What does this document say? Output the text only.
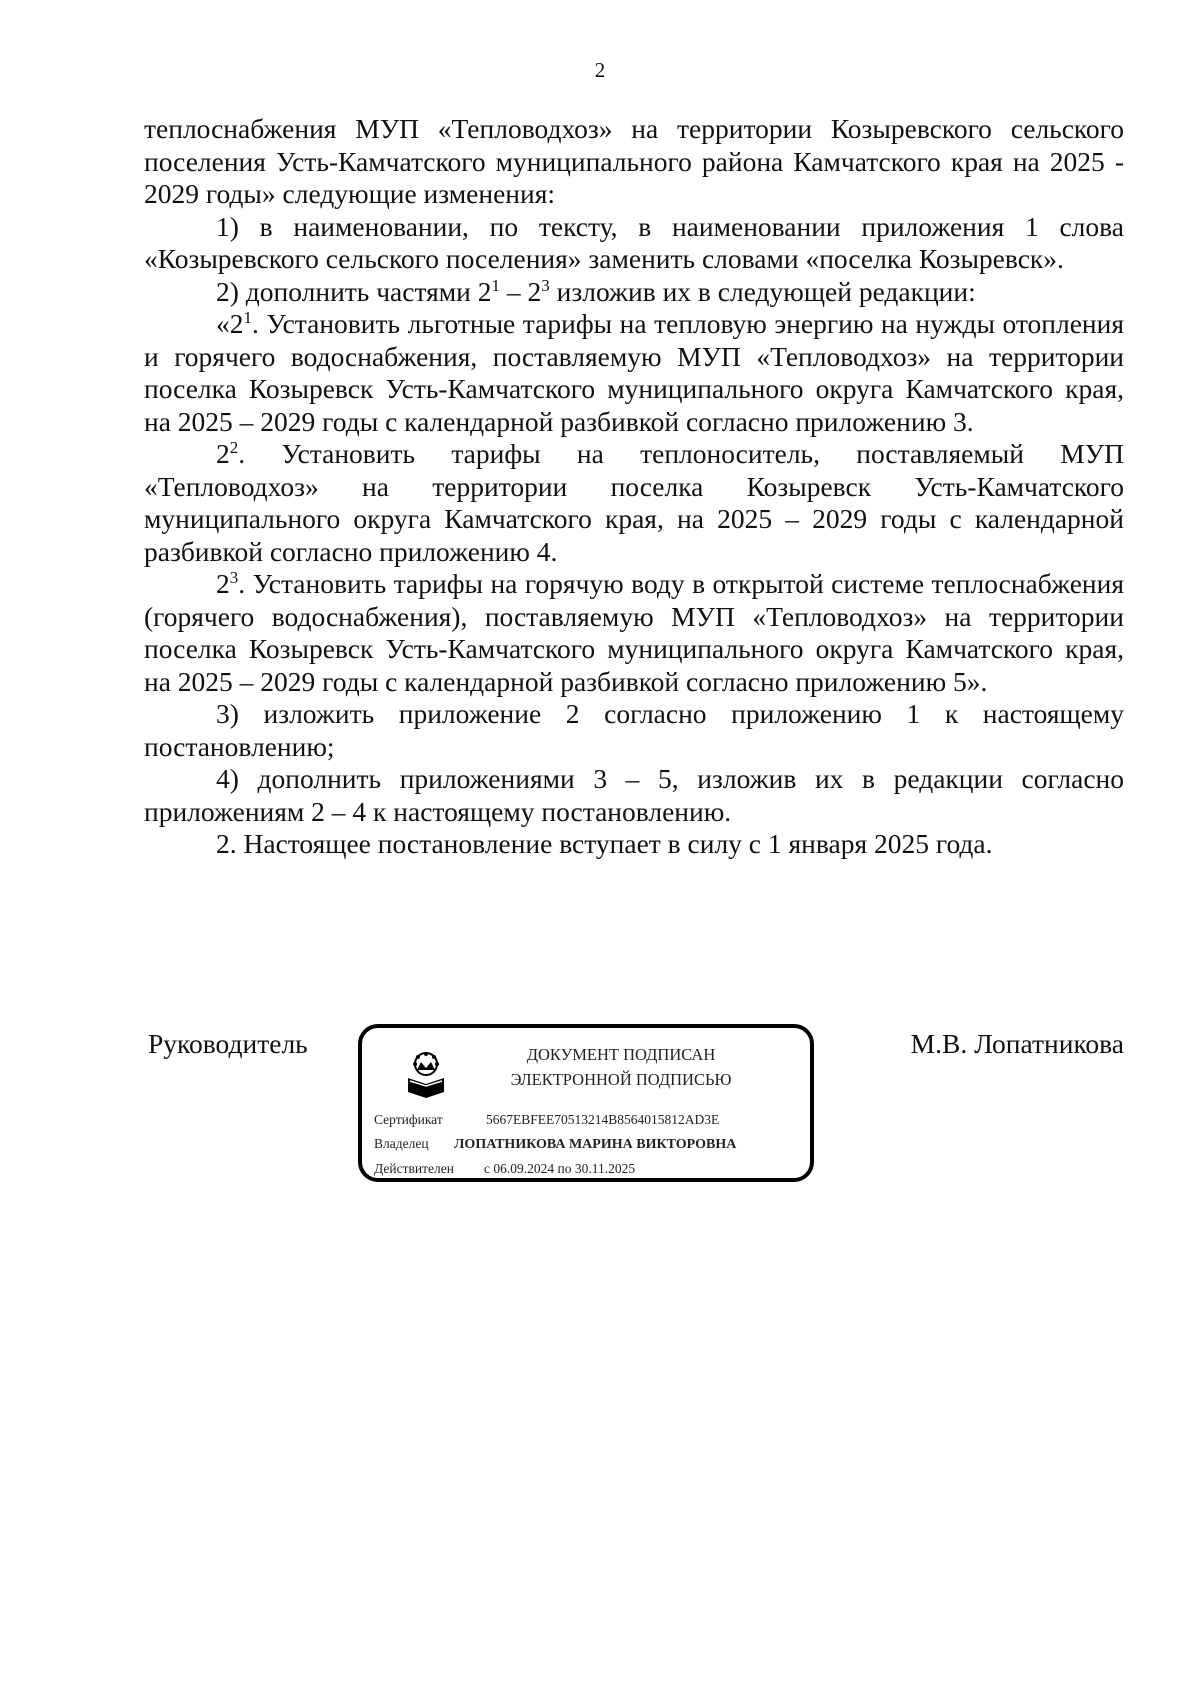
2

теплоснабжения МУП «Тепловодхоз» на территории Козыревского сельского поселения Усть-Камчатского муниципального района Камчатского края на 2025 - 2029 годы» следующие изменения:

1) в наименовании, по тексту, в наименовании приложения 1 слова «Козыревского сельского поселения» заменить словами «поселка Козыревск».

2) дополнить частями $2^1 - 2^3$ изложив их в следующей редакции:

«$2^1$. Установить льготные тарифы на тепловую энергию на нужды отопления и горячего водоснабжения, поставляемую МУП «Тепловодхоз» на территории поселка Козыревск Усть-Камчатского муниципального округа Камчатского края, на 2025 – 2029 годы с календарной разбивкой согласно приложению 3.

$2^2$. Установить тарифы на теплоноситель, поставляемый МУП «Тепловодхоз» на территории поселка Козыревск Усть-Камчатского муниципального округа Камчатского края, на 2025 – 2029 годы с календарной разбивкой согласно приложению 4.

$2^3$. Установить тарифы на горячую воду в открытой системе теплоснабжения (горячего водоснабжения), поставляемую МУП «Тепловодхоз» на территории поселка Козыревск Усть-Камчатского муниципального округа Камчатского края, на 2025 – 2029 годы с календарной разбивкой согласно приложению 5».

3) изложить приложение 2 согласно приложению 1 к настоящему постановлению;

4) дополнить приложениями 3 – 5, изложив их в редакции согласно приложениям 2 – 4 к настоящему постановлению.

2. Настоящее постановление вступает в силу с 1 января 2025 года.

Руководитель	М.В. Лопатникова
ДОКУМЕНТ ПОДПИСАН
ЭЛЕКТРОННОЙ ПОДПИСЬЮ
Сертификат	5667EBFEE70513214B8564015812AD3E
Владелец ЛОПАТНИКОВА МАРИНА ВИКТОРОВНА
Действителен с 06.09.2024 по 30.11.2025
